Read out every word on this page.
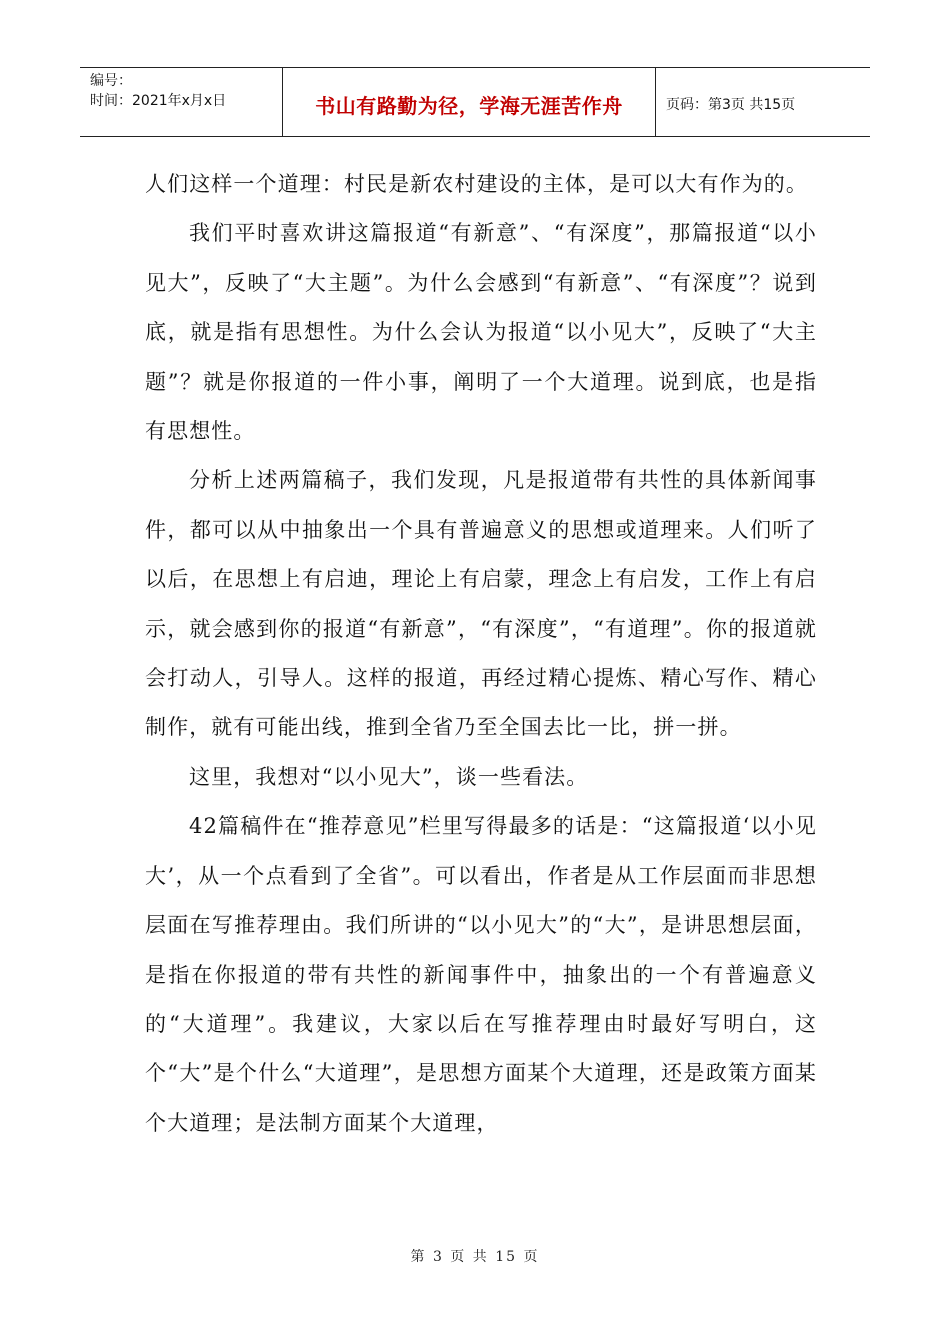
编号：
时间：2021年x月x日	书山有路勤为径，学海无涯苦作舟	页码：第3页 共15页

人们这样一个道理：村民是新农村建设的主体，是可以大有作为的。

我们平时喜欢讲这篇报道“有新意”、“有深度”，那篇报道“以小见大”，反映了“大主题”。为什么会感到“有新意”、“有深度”？说到底，就是指有思想性。为什么会认为报道“以小见大”，反映了“大主题”？就是你报道的一件小事，阐明了一个大道理。说到底，也是指有思想性。

分析上述两篇稿子，我们发现，凡是报道带有共性的具体新闻事件，都可以从中抽象出一个具有普遍意义的思想或道理来。人们听了以后，在思想上有启迪，理论上有启蒙，理念上有启发，工作上有启示，就会感到你的报道“有新意”，“有深度”，“有道理”。你的报道就会打动人，引导人。这样的报道，再经过精心提炼、精心写作、精心制作，就有可能出线，推到全省乃至全国去比一比，拼一拼。

这里，我想对“以小见大”，谈一些看法。

42篇稿件在“推荐意见”栏里写得最多的话是：“这篇报道‘以小见大’，从一个点看到了全省”。可以看出，作者是从工作层面而非思想层面在写推荐理由。我们所讲的“以小见大”的“大”，是讲思想层面，是指在你报道的带有共性的新闻事件中，抽象出的一个有普遍意义的“大道理”。我建议，大家以后在写推荐理由时最好写明白，这个“大”是个什么“大道理”，是思想方面某个大道理，还是政策方面某个大道理；是法制方面某个大道理，

第 3 页 共 15 页
